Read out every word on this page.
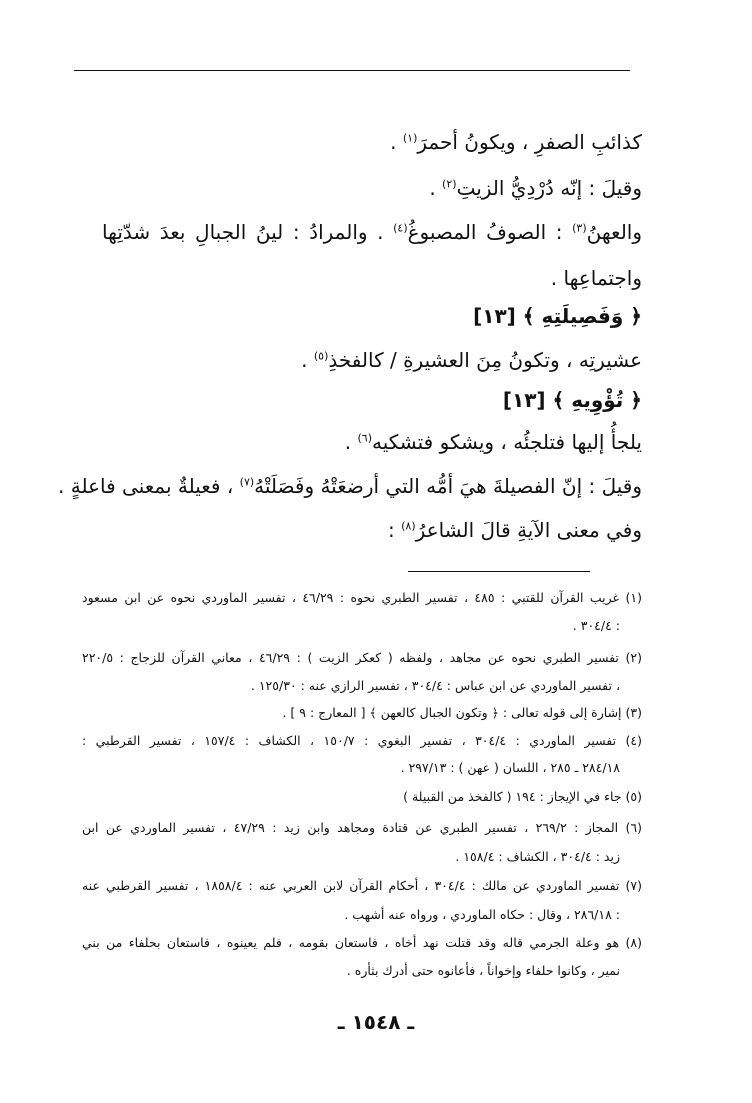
كذائبِ الصفرِ ، ويكونُ أحمرَ$^{(١)}$ .
وقيلَ : إنّه دُرْدِيُّ الزيتِ$^{(٢)}$ .
والعهنُ$^{(٣)}$ : الصوفُ المصبوغُ$^{(٤)}$ . والمرادُ : لينُ الجبالِ بعدَ شدّتِها
واجتماعِها .
﴿ وَفَصِيلَتِهِ ﴾ [١٣]
عشيرتِه ، وتكونُ مِنَ العشيرةِ / كالفخذِ$^{(٥)}$ .
﴿ تُؤْوِيهِ ﴾ [١٣]
يلجأُ إليها فتلجئُه ، ويشكو فتشكيه$^{(٦)}$ .
وقيلَ : إنّ الفصيلةَ هيَ أمُّه التي أرضعَتْهُ وفَصَلَتْهُ$^{(٧)}$ ، فعيلةٌ بمعنى فاعلةٍ .
وفي معنى الآيةِ قالَ الشاعرُ$^{(٨)}$ :
(١) غريب القرآن للقتبي : ٤٨٥ ، تفسير الطبري نحوه : ٤٦/٢٩ ، تفسير الماوردي نحوه عن ابن مسعود
: ٣٠٤/٤ .
(٢) تفسير الطبري نحوه عن مجاهد ، ولفظه ( كعكر الزيت ) : ٤٦/٢٩ ، معاني القرآن للزجاج : ٢٢٠/٥
، تفسير الماوردي عن ابن عباس : ٣٠٤/٤ ، تفسير الرازي عنه : ١٢٥/٣٠ .
(٣) إشارة إلى قوله تعالى : ﴿ وتكون الجبال كالعهن ﴾ [ المعارج : ٩ ] .
(٤) تفسير الماوردي : ٣٠٤/٤ ، تفسير البغوي : ١٥٠/٧ ، الكشاف : ١٥٧/٤ ، تفسير القرطبي :
٢٨٤/١٨ ـ ٢٨٥ ، اللسان ( عهن ) : ٢٩٧/١٣ .
(٥) جاء في الإيجاز : ١٩٤ ( كالفخذ من القبيلة )
(٦) المجاز : ٢٦٩/٢ ، تفسير الطبري عن قتادة ومجاهد وابن زيد : ٤٧/٢٩ ، تفسير الماوردي عن ابن
زيد : ٣٠٤/٤ ، الكشاف : ١٥٨/٤ .
(٧) تفسير الماوردي عن مالك : ٣٠٤/٤ ، أحكام القرآن لابن العربي عنه : ١٨٥٨/٤ ، تفسير القرطبي عنه
: ٢٨٦/١٨ ، وقال : حكاه الماوردي ، ورواه عنه أشهب .
(٨) هو وعلة الجرمي قاله وقد قتلت نهد أخاه ، فاستعان بقومه ، فلم يعينوه ، فاستعان بحلفاء من بني
نمير ، وكانوا حلفاء وإخواناً ، فأعانوه حتى أدرك بثأره .
ـ ١٥٤٨ ـ
